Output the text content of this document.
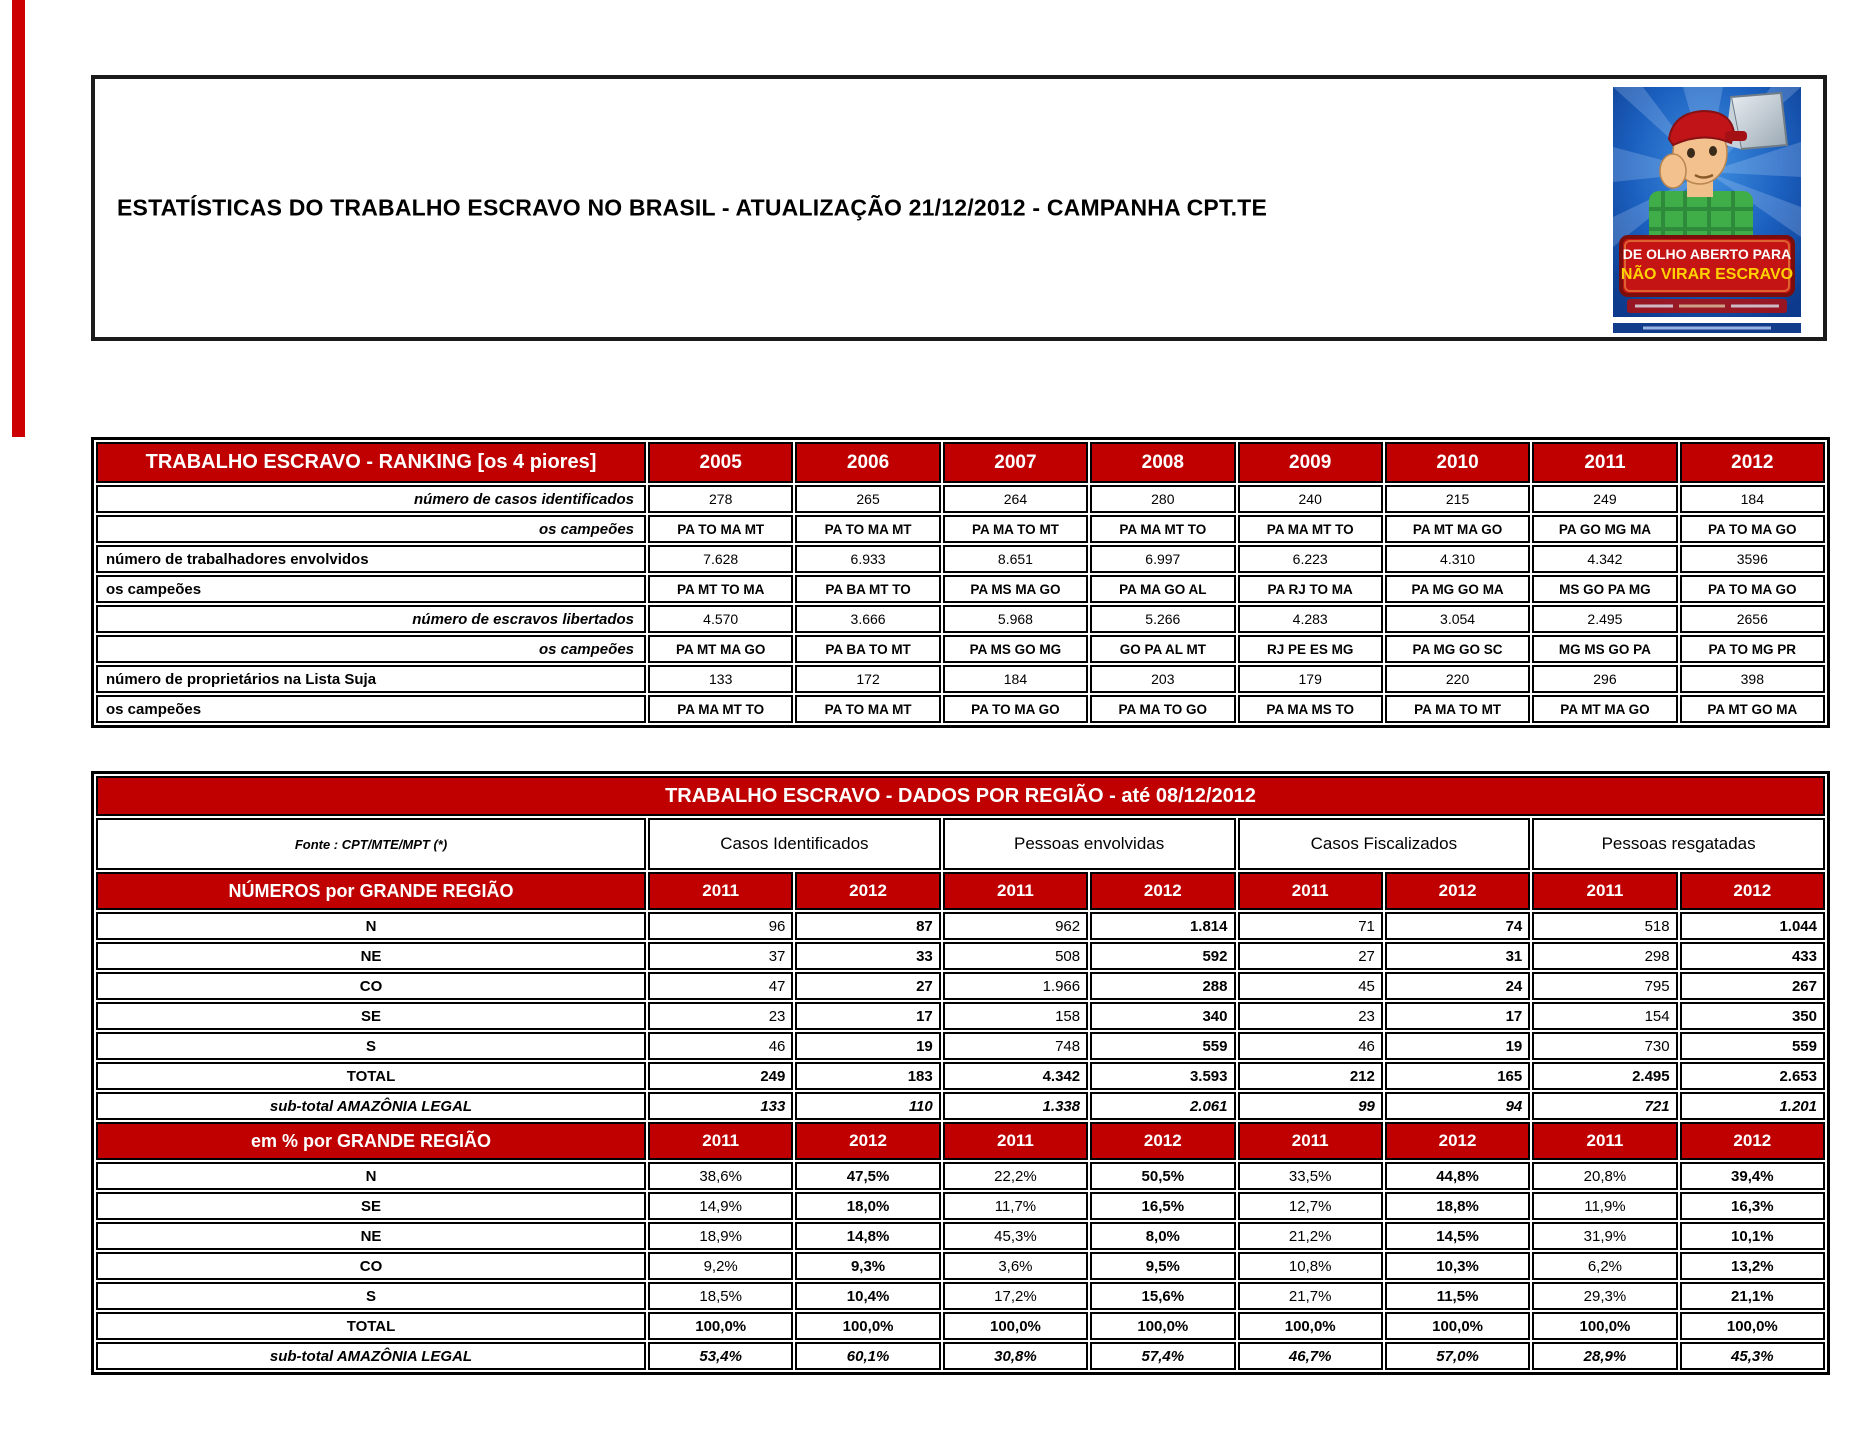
ESTATÍSTICAS DO TRABALHO ESCRAVO NO BRASIL - ATUALIZAÇÃO 21/12/2012 - CAMPANHA CPT.TE
DE OLHO ABERTO PARA
NÃO VIRAR ESCRAVO
TRABALHO ESCRAVO - RANKING [os 4 piores]	2005	2006	2007	2008	2009	2010	2011	2012
número de casos identificados	278	265	264	280	240	215	249	184
os campeões	PA TO MA MT	PA TO MA MT	PA MA TO MT	PA MA MT TO	PA MA MT TO	PA MT MA GO	PA GO MG MA	PA TO MA GO
número de trabalhadores envolvidos	7.628	6.933	8.651	6.997	6.223	4.310	4.342	3596
os campeões	PA MT TO MA	PA BA MT TO	PA MS MA GO	PA MA GO AL	PA RJ TO MA	PA MG GO MA	MS GO PA MG	PA TO MA GO
número de escravos libertados	4.570	3.666	5.968	5.266	4.283	3.054	2.495	2656
os campeões	PA MT MA GO	PA BA TO MT	PA MS GO MG	GO PA AL MT	RJ PE ES MG	PA MG GO SC	MG MS GO PA	PA TO MG PR
número de proprietários na Lista Suja	133	172	184	203	179	220	296	398
os campeões	PA MA MT TO	PA TO MA MT	PA TO MA GO	PA MA TO GO	PA MA MS TO	PA MA TO MT	PA MT MA GO	PA MT GO MA
TRABALHO ESCRAVO - DADOS POR REGIÃO - até 08/12/2012								
Fonte : CPT/MTE/MPT (*)	Casos Identificados		Pessoas envolvidas		Casos Fiscalizados		Pessoas resgatadas	
NÚMEROS por GRANDE REGIÃO	2011	2012	2011	2012	2011	2012	2011	2012
N	96	87	962	1.814	71	74	518	1.044
NE	37	33	508	592	27	31	298	433
CO	47	27	1.966	288	45	24	795	267
SE	23	17	158	340	23	17	154	350
S	46	19	748	559	46	19	730	559
TOTAL	249	183	4.342	3.593	212	165	2.495	2.653
sub-total AMAZÔNIA LEGAL	133	110	1.338	2.061	99	94	721	1.201
em % por GRANDE REGIÃO	2011	2012	2011	2012	2011	2012	2011	2012
N	38,6%	47,5%	22,2%	50,5%	33,5%	44,8%	20,8%	39,4%
SE	14,9%	18,0%	11,7%	16,5%	12,7%	18,8%	11,9%	16,3%
NE	18,9%	14,8%	45,3%	8,0%	21,2%	14,5%	31,9%	10,1%
CO	9,2%	9,3%	3,6%	9,5%	10,8%	10,3%	6,2%	13,2%
S	18,5%	10,4%	17,2%	15,6%	21,7%	11,5%	29,3%	21,1%
TOTAL	100,0%	100,0%	100,0%	100,0%	100,0%	100,0%	100,0%	100,0%
sub-total AMAZÔNIA LEGAL	53,4%	60,1%	30,8%	57,4%	46,7%	57,0%	28,9%	45,3%
